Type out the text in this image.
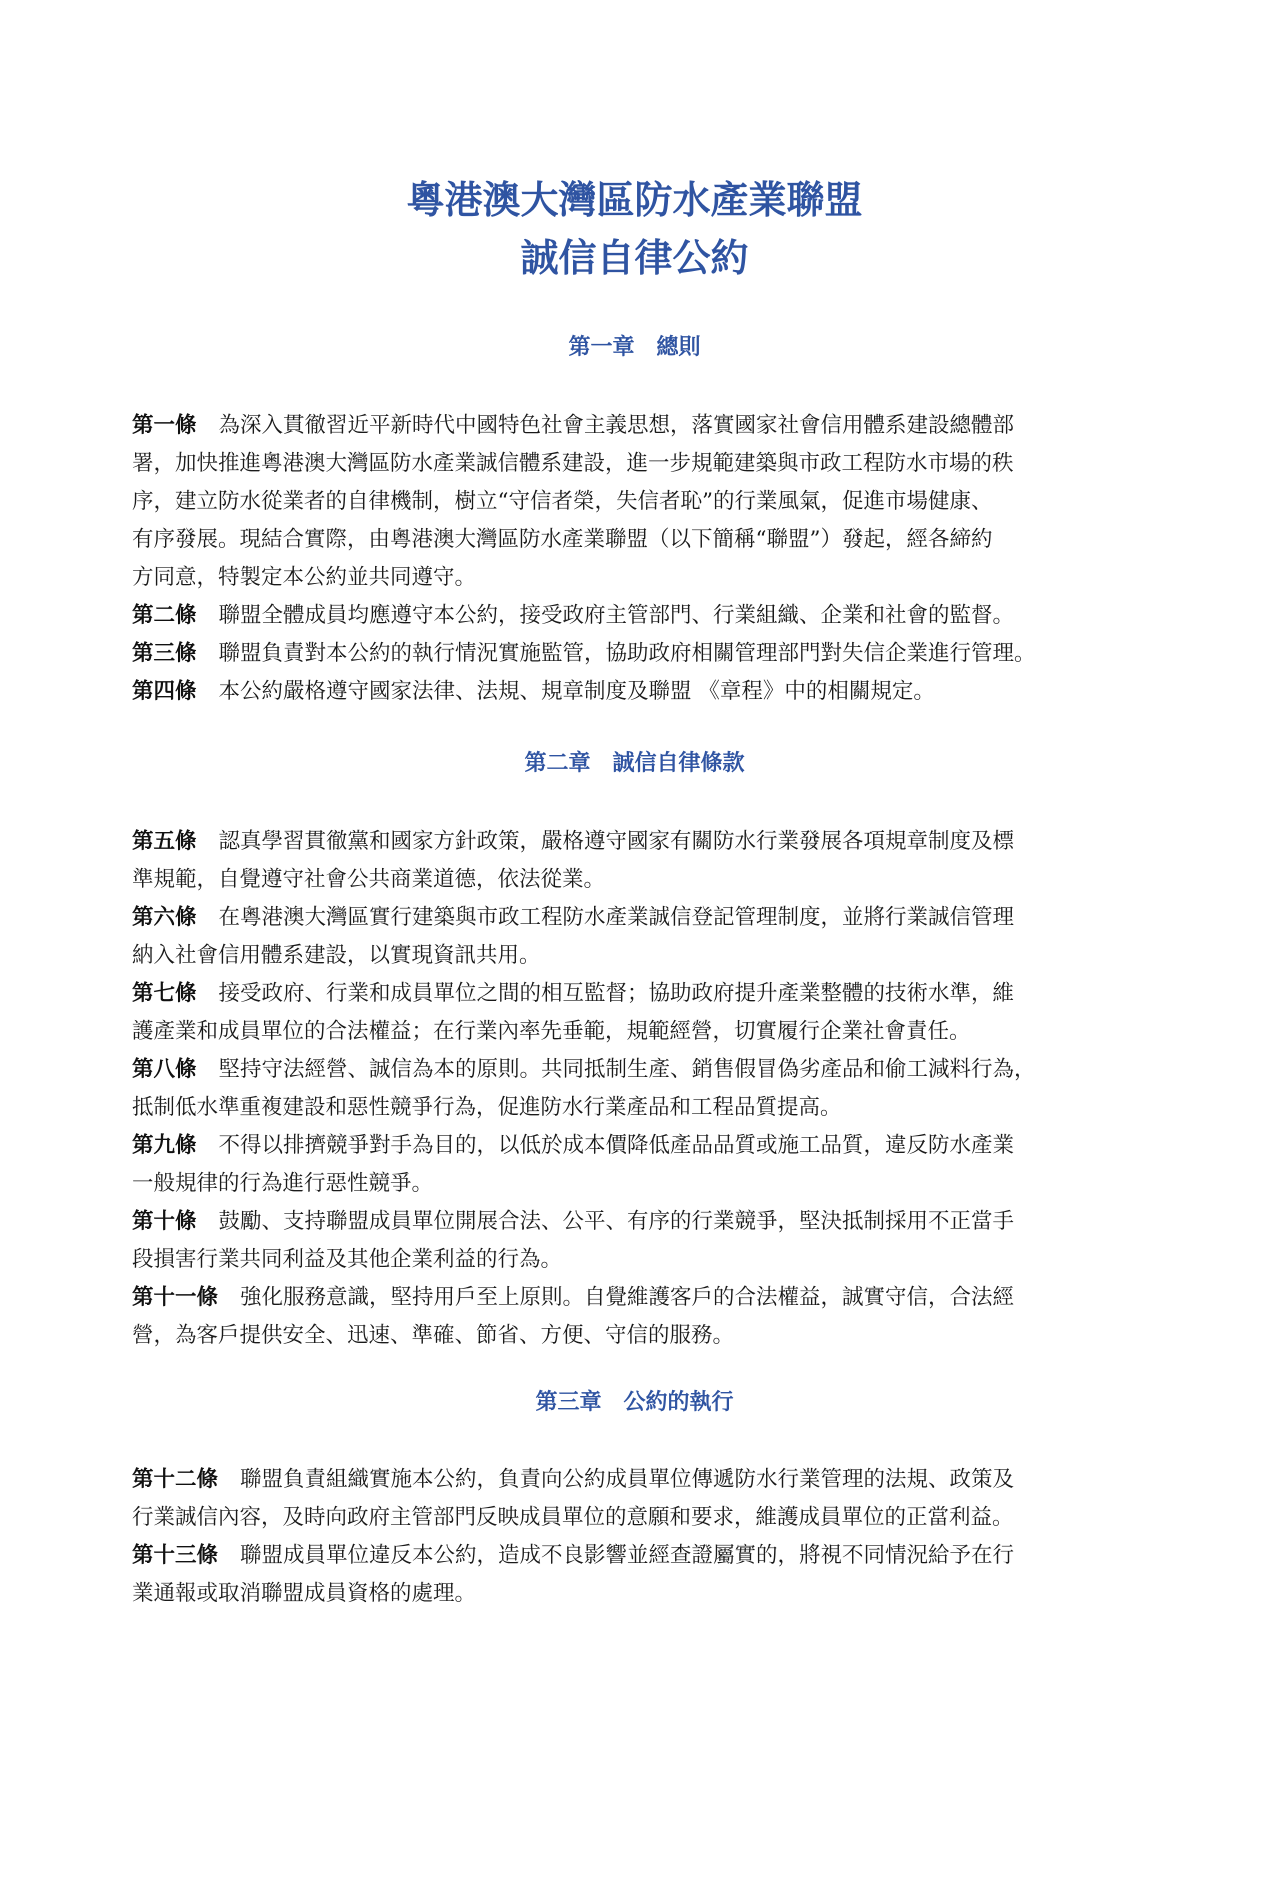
粵港澳大灣區防水產業聯盟
誠信自律公約
第一章　總則
第一條 為深入貫徹習近平新時代中國特色社會主義思想，落實國家社會信用體系建設總體部
署，加快推進粵港澳大灣區防水產業誠信體系建設，進一步規範建築與市政工程防水市場的秩
序，建立防水從業者的自律機制，樹立“守信者榮，失信者恥”的行業風氣，促進市場健康、
有序發展。現結合實際，由粵港澳大灣區防水產業聯盟（以下簡稱“聯盟”）發起，經各締約
方同意，特製定本公約並共同遵守。
第二條 聯盟全體成員均應遵守本公約，接受政府主管部門、行業組織、企業和社會的監督。
第三條 聯盟負責對本公約的執行情況實施監管，協助政府相關管理部門對失信企業進行管理。
第四條 本公約嚴格遵守國家法律、法規、規章制度及聯盟 《章程》中的相關規定。
第二章　誠信自律條款
第五條 認真學習貫徹黨和國家方針政策，嚴格遵守國家有關防水行業發展各項規章制度及標
準規範，自覺遵守社會公共商業道德，依法從業。
第六條 在粵港澳大灣區實行建築與市政工程防水產業誠信登記管理制度，並將行業誠信管理
納入社會信用體系建設，以實現資訊共用。
第七條 接受政府、行業和成員單位之間的相互監督；協助政府提升產業整體的技術水準，維
護產業和成員單位的合法權益；在行業內率先垂範，規範經營，切實履行企業社會責任。
第八條 堅持守法經營、誠信為本的原則。共同抵制生產、銷售假冒偽劣產品和偷工減料行為，
抵制低水準重複建設和惡性競爭行為，促進防水行業產品和工程品質提高。
第九條 不得以排擠競爭對手為目的，以低於成本價降低產品品質或施工品質，違反防水產業
一般規律的行為進行惡性競爭。
第十條 鼓勵、支持聯盟成員單位開展合法、公平、有序的行業競爭，堅決抵制採用不正當手
段損害行業共同利益及其他企業利益的行為。
第十一條 強化服務意識，堅持用戶至上原則。自覺維護客戶的合法權益，誠實守信，合法經
營，為客戶提供安全、迅速、準確、節省、方便、守信的服務。
第三章　公約的執行
第十二條 聯盟負責組織實施本公約，負責向公約成員單位傳遞防水行業管理的法規、政策及
行業誠信內容，及時向政府主管部門反映成員單位的意願和要求，維護成員單位的正當利益。
第十三條 聯盟成員單位違反本公約，造成不良影響並經查證屬實的，將視不同情況給予在行
業通報或取消聯盟成員資格的處理。
